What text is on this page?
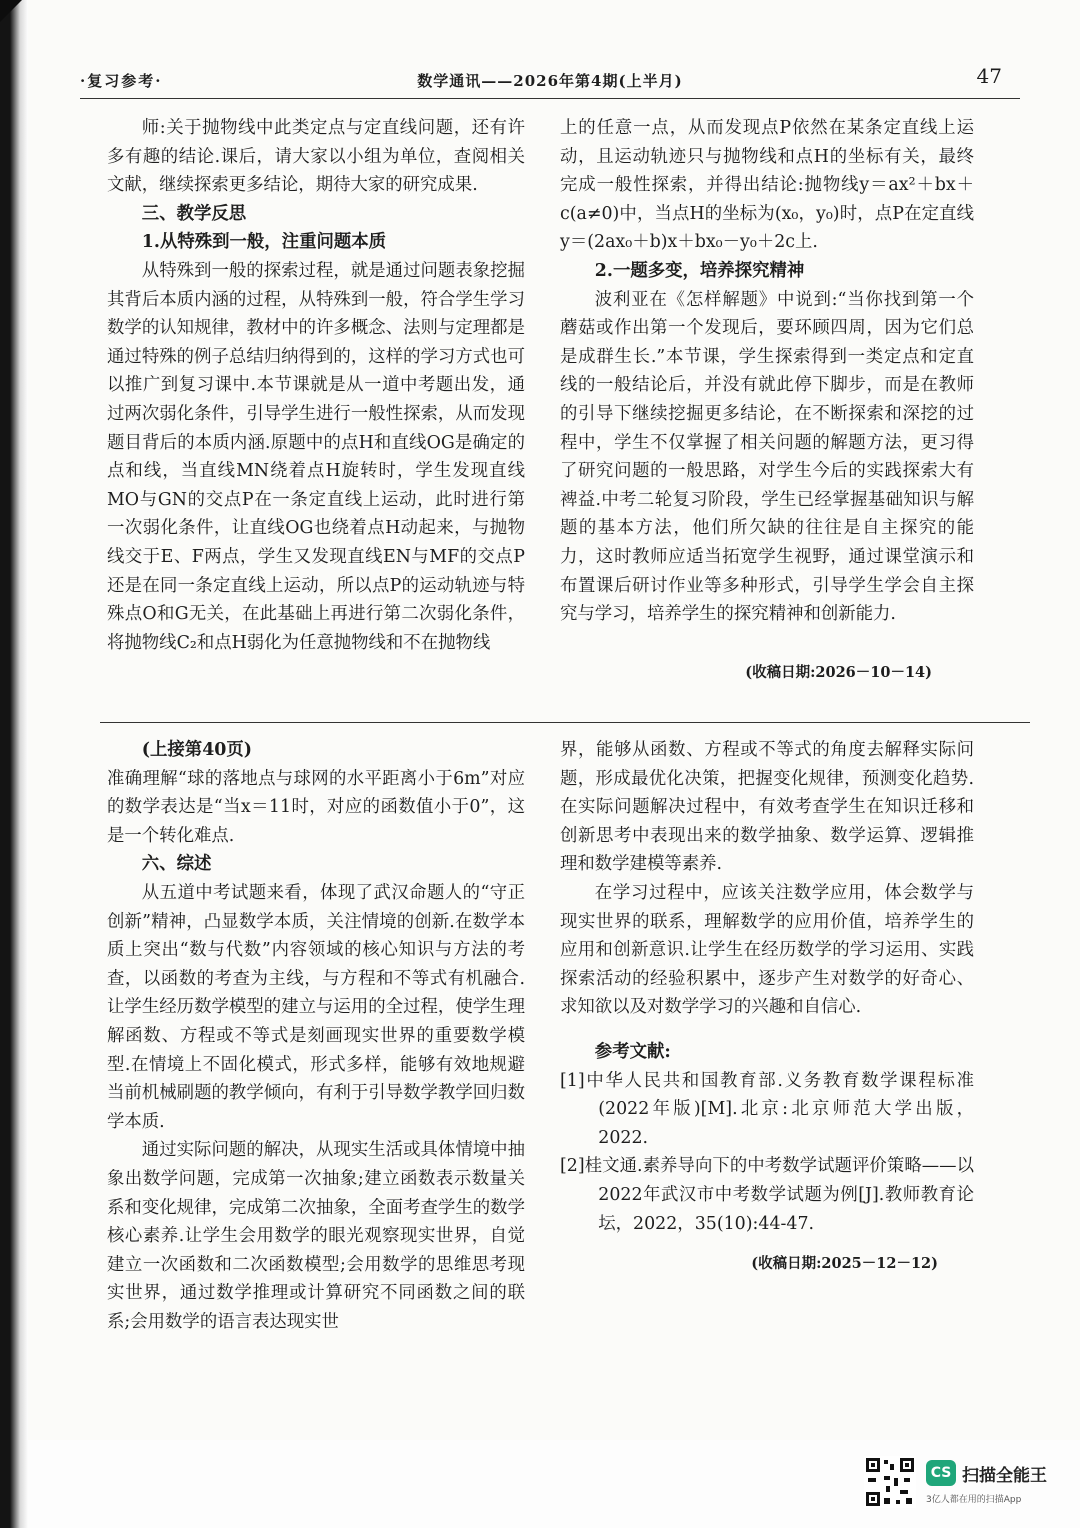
·复习参考·	数学通讯——2026年第4期(上半月)	47

师:关于抛物线中此类定点与定直线问题，还有许多有趣的结论.课后，请大家以小组为单位，查阅相关文献，继续探索更多结论，期待大家的研究成果.

三、教学反思
1.从特殊到一般，注重问题本质

从特殊到一般的探索过程，就是通过问题表象挖掘其背后本质内涵的过程，从特殊到一般，符合学生学习数学的认知规律，教材中的许多概念、法则与定理都是通过特殊的例子总结归纳得到的，这样的学习方式也可以推广到复习课中.本节课就是从一道中考题出发，通过两次弱化条件，引导学生进行一般性探索，从而发现题目背后的本质内涵.原题中的点H和直线OG是确定的点和线，当直线MN绕着点H旋转时，学生发现直线MO与GN的交点P在一条定直线上运动，此时进行第一次弱化条件，让直线OG也绕着点H动起来，与抛物线交于E、F两点，学生又发现直线EN与MF的交点P还是在同一条定直线上运动，所以点P的运动轨迹与特殊点O和G无关，在此基础上再进行第二次弱化条件，将抛物线C₂和点H弱化为任意抛物线和不在抛物线

上的任意一点，从而发现点P依然在某条定直线上运动，且运动轨迹只与抛物线和点H的坐标有关，最终完成一般性探索，并得出结论:抛物线y＝ax²＋bx＋c(a≠0)中，当点H的坐标为(x₀，y₀)时，点P在定直线y＝(2ax₀＋b)x＋bx₀－y₀＋2c上.

2.一题多变，培养探究精神

波利亚在《怎样解题》中说到:“当你找到第一个蘑菇或作出第一个发现后，要环顾四周，因为它们总是成群生长.”本节课，学生探索得到一类定点和定直线的一般结论后，并没有就此停下脚步，而是在教师的引导下继续挖掘更多结论，在不断探索和深挖的过程中，学生不仅掌握了相关问题的解题方法，更习得了研究问题的一般思路，对学生今后的实践探索大有裨益.中考二轮复习阶段，学生已经掌握基础知识与解题的基本方法，他们所欠缺的往往是自主探究的能力，这时教师应适当拓宽学生视野，通过课堂演示和布置课后研讨作业等多种形式，引导学生学会自主探究与学习，培养学生的探究精神和创新能力.

(收稿日期:2026－10－14)

(上接第40页)

准确理解“球的落地点与球网的水平距离小于6m”对应的数学表达是“当x＝11时，对应的函数值小于0”，这是一个转化难点.

六、综述

从五道中考试题来看，体现了武汉命题人的“守正创新”精神，凸显数学本质，关注情境的创新.在数学本质上突出“数与代数”内容领域的核心知识与方法的考查，以函数的考查为主线，与方程和不等式有机融合.让学生经历数学模型的建立与运用的全过程，使学生理解函数、方程或不等式是刻画现实世界的重要数学模型.在情境上不固化模式，形式多样，能够有效地规避当前机械刷题的教学倾向，有利于引导数学教学回归数学本质.

通过实际问题的解决，从现实生活或具体情境中抽象出数学问题，完成第一次抽象;建立函数表示数量关系和变化规律，完成第二次抽象，全面考查学生的数学核心素养.让学生会用数学的眼光观察现实世界，自觉建立一次函数和二次函数模型;会用数学的思维思考现实世界，通过数学推理或计算研究不同函数之间的联系;会用数学的语言表达现实世

界，能够从函数、方程或不等式的角度去解释实际问题，形成最优化决策，把握变化规律，预测变化趋势.在实际问题解决过程中，有效考查学生在知识迁移和创新思考中表现出来的数学抽象、数学运算、逻辑推理和数学建模等素养.

在学习过程中，应该关注数学应用，体会数学与现实世界的联系，理解数学的应用价值，培养学生的应用和创新意识.让学生在经历数学的学习运用、实践探索活动的经验积累中，逐步产生对数学的好奇心、求知欲以及对数学学习的兴趣和自信心.

参考文献:

[1]中华人民共和国教育部.义务教育数学课程标准(2022年版)[M].北京:北京师范大学出版，2022.

[2]桂文通.素养导向下的中考数学试题评价策略——以2022年武汉市中考数学试题为例[J].教师教育论坛，2022，35(10):44-47.

(收稿日期:2025－12－12)

CS 扫描全能王
3亿人都在用的扫描App
